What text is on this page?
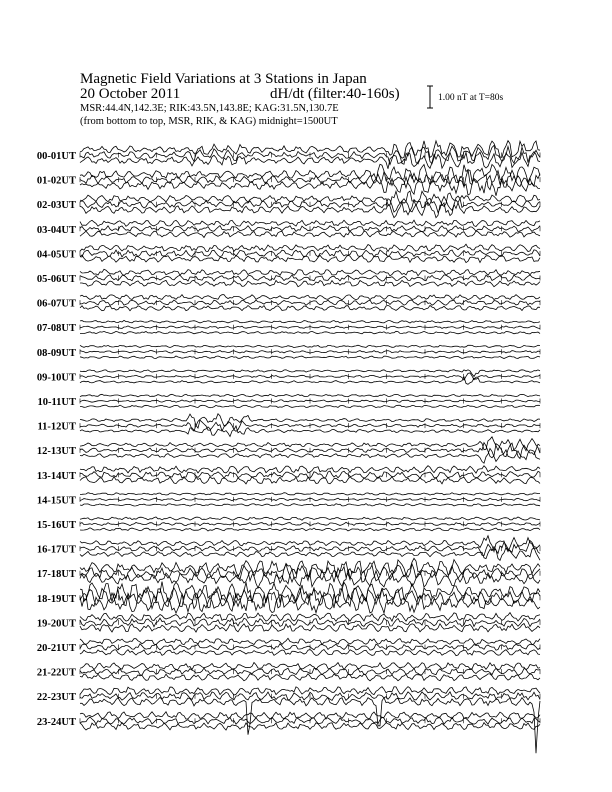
Magnetic Field Variations at 3 Stations in Japan
20 October 2011	dH/dt (filter:40-160s)
MSR:44.4N,142.3E; RIK:43.5N,143.8E; KAG:31.5N,130.7E
(from bottom to top, MSR, RIK, & KAG) midnight=1500UT
1.00 nT at T=80s
00-01UT
01-02UT
02-03UT
03-04UT
04-05UT
05-06UT
06-07UT
07-08UT
08-09UT
09-10UT
10-11UT
11-12UT
12-13UT
13-14UT
14-15UT
15-16UT
16-17UT
17-18UT
18-19UT
19-20UT
20-21UT
21-22UT
22-23UT
23-24UT
